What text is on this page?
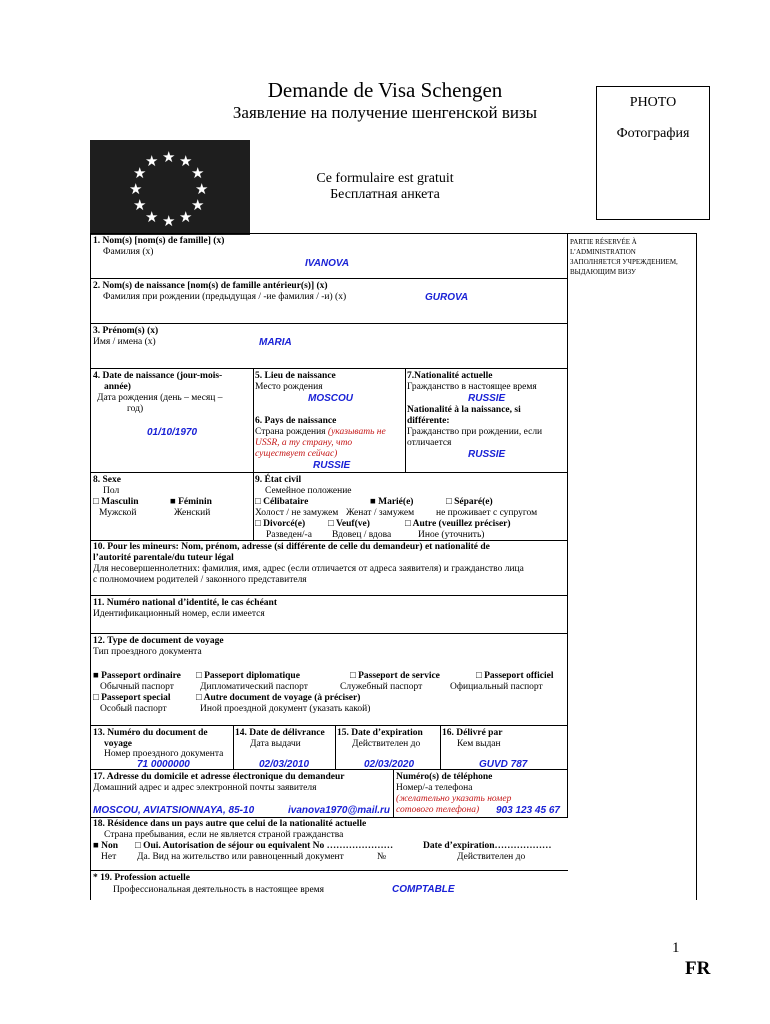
Demande de Visa Schengen
Заявление на получение шенгенской визы
PHOTO
Фотография
★ ★
★
★
★
★
★
★
★
★
★
★
Ce formulaire est gratuit
Бесплатная анкета
PARTIE RÉSERVÉE À
L’ADMINISTRATION
ЗАПОЛНЯЕТСЯ УЧРЕЖДЕНИЕМ,
ВЫДАЮЩИМ ВИЗУ
1. Nom(s) [nom(s) de famille] (x)
Фамилия (x)
IVANOVA
2. Nom(s) de naissance [nom(s) de famille antérieur(s)] (x)
Фамилия при рождении (предыдущая / -ие фамилия / -и) (x)	GUROVA
3. Prénom(s) (x)
Имя / имена (x)	MARIA
4. Date de naissance (jour-mois-
année)
Дата рождения (день – месяц –
год)
01/10/1970
5. Lieu de naissance
Место рождения
MOSCOU
6. Pays de naissance
Страна рождения (указывать не
USSR, а ту страну, что
существует сейчас)
RUSSIE
7.Nationalité actuelle
Гражданство в настоящее время
RUSSIE
Nationalité à la naissance, si
différente:
Гражданство при рождении, если
отличается
RUSSIE
8. Sexe
Пол
□ Masculin	■ Féminin
Мужской	Женский
9. État civil
Семейное положение
□ Célibataire	■ Marié(e)	□ Séparé(e)
Холост / не замужем Женат / замужем не проживает с супругом
□ Divorcé(e) □ Veuf(ve)	□ Autre (veuillez préciser)
Разведен/-а Вдовец / вдова	Иное (уточнить)
10. Pour les mineurs: Nom, prénom, adresse (si différente de celle du demandeur) et nationalité de
l’autorité parentale/du tuteur légal
Для несовершеннолетних: фамилия, имя, адрес (если отличается от адреса заявителя) и гражданство лица
с полномочием родителей / законного представителя
11. Numéro national d’identité, le cas échéant
Идентификационный номер, если имеется
12. Type de document de voyage
Тип проездного документа
■ Passeport ordinaire □ Passeport diplomatique	□ Passeport de service	□ Passeport officiel
Обычный паспорт	Дипломатический паспорт	Служебный паспорт	Официальный паспорт
□ Passeport special	□ Autre document de voyage (à préciser)
Особый паспорт	Иной проездной документ (указать какой)
13. Numéro du document de
voyage
Номер проездного документа
71 0000000
14. Date de délivrance
Дата выдачи
02/03/2010
15. Date d’expiration
Действителен до
02/03/2020
16. Délivré par
Кем выдан
GUVD 787
17. Adresse du domicile et adresse électronique du demandeur
Домашний адрес и адрес электронной почты заявителя
MOSCOU, AVIATSIONNAYA, 85-10	ivanova1970@mail.ru
Numéro(s) de téléphone
Номер/-а телефона
(желательно указать номер
сотового телефона) 903 123 45 67
18. Résidence dans un pays autre que celui de la nationalité actuelle
Страна пребывания, если не является страной гражданства
■ Non □ Oui. Autorisation de séjour ou equivalent No …………………	Date d’expiration………………
Нет Да. Вид на жительство или равноценный документ	№	Действителен до
* 19. Profession actuelle
Профессиональная деятельность в настоящее время	COMPTABLE
1
FR
